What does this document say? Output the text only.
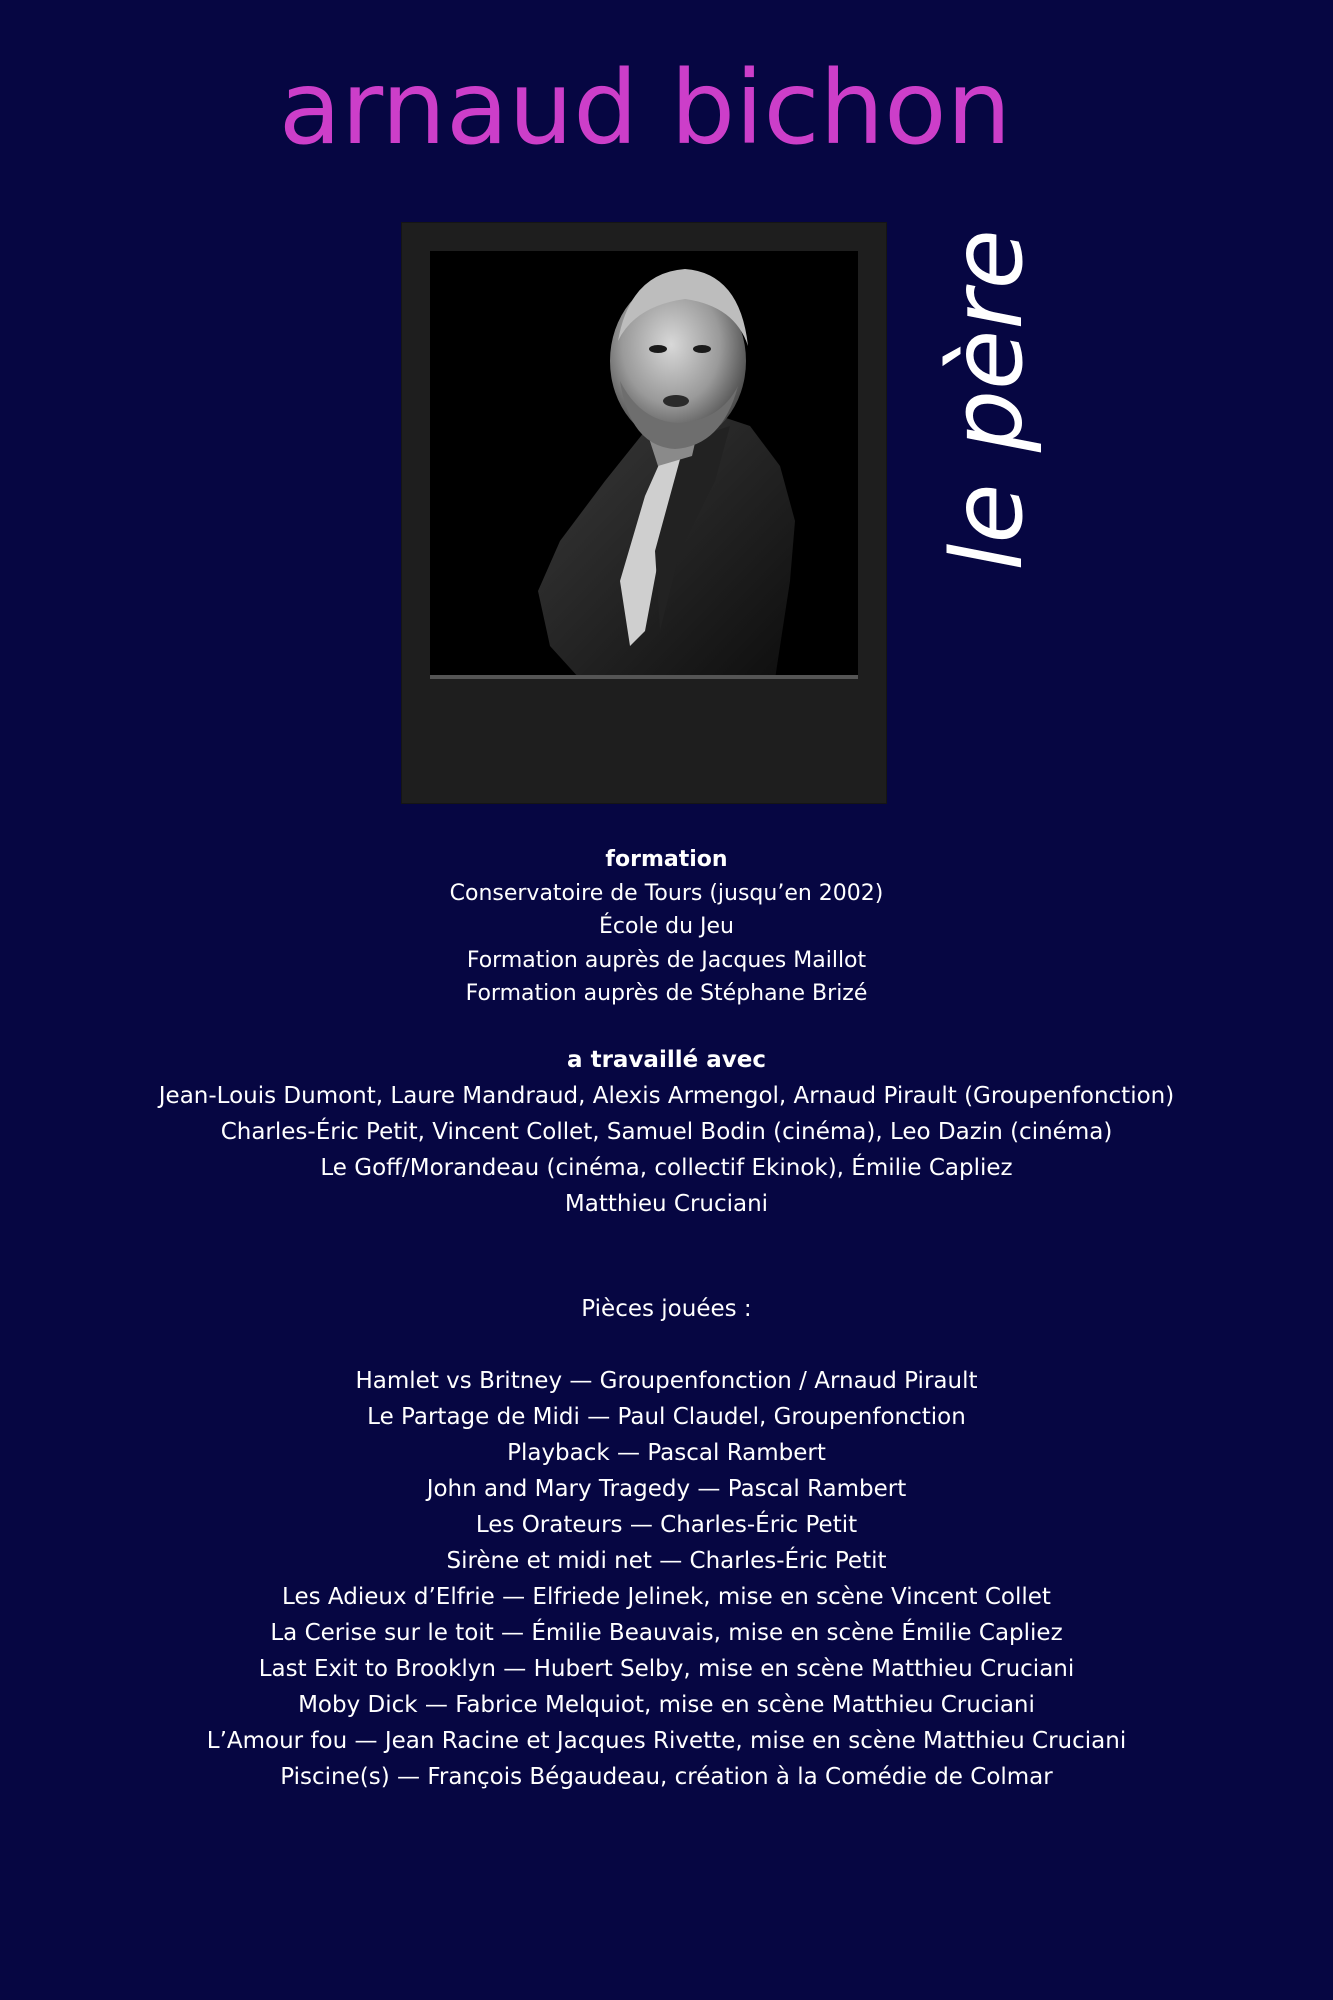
arnaud bichon
le père
formation
Conservatoire de Tours (jusqu’en 2002)
École du Jeu
Formation auprès de Jacques Maillot
Formation auprès de Stéphane Brizé
a travaillé avec
Jean-Louis Dumont, Laure Mandraud, Alexis Armengol, Arnaud Pirault (Groupenfonction)
Charles-Éric Petit, Vincent Collet, Samuel Bodin (cinéma), Leo Dazin (cinéma)
Le Goff/Morandeau (cinéma, collectif Ekinok), Émilie Capliez
Matthieu Cruciani
Pièces jouées :
Hamlet vs Britney — Groupenfonction / Arnaud Pirault
Le Partage de Midi — Paul Claudel, Groupenfonction
Playback — Pascal Rambert
John and Mary Tragedy — Pascal Rambert
Les Orateurs — Charles-Éric Petit
Sirène et midi net — Charles-Éric Petit
Les Adieux d’Elfrie — Elfriede Jelinek, mise en scène Vincent Collet
La Cerise sur le toit — Émilie Beauvais, mise en scène Émilie Capliez
Last Exit to Brooklyn — Hubert Selby, mise en scène Matthieu Cruciani
Moby Dick — Fabrice Melquiot, mise en scène Matthieu Cruciani
L’Amour fou — Jean Racine et Jacques Rivette, mise en scène Matthieu Cruciani
Piscine(s) — François Bégaudeau, création à la Comédie de Colmar
